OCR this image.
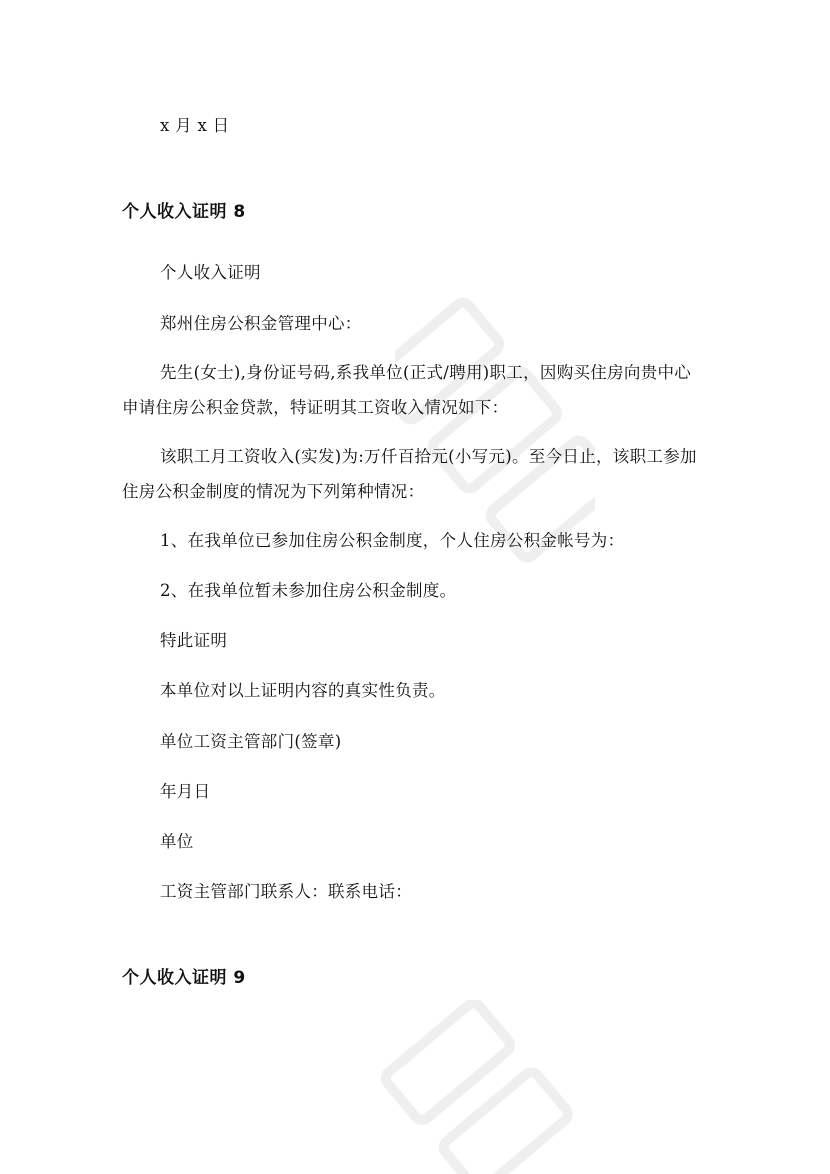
x 月 x 日
个人收入证明 8
个人收入证明
郑州住房公积金管理中心：
先生(女士),身份证号码,系我单位(正式/聘用)职工，因购买住房向贵中心
申请住房公积金贷款，特证明其工资收入情况如下：
该职工月工资收入(实发)为:万仟百拾元(小写元)。至今日止，该职工参加
住房公积金制度的情况为下列第种情况：
1、在我单位已参加住房公积金制度，个人住房公积金帐号为：
2、在我单位暂未参加住房公积金制度。
特此证明
本单位对以上证明内容的真实性负责。
单位工资主管部门(签章)
年月日
单位
工资主管部门联系人：联系电话：
个人收入证明 9
